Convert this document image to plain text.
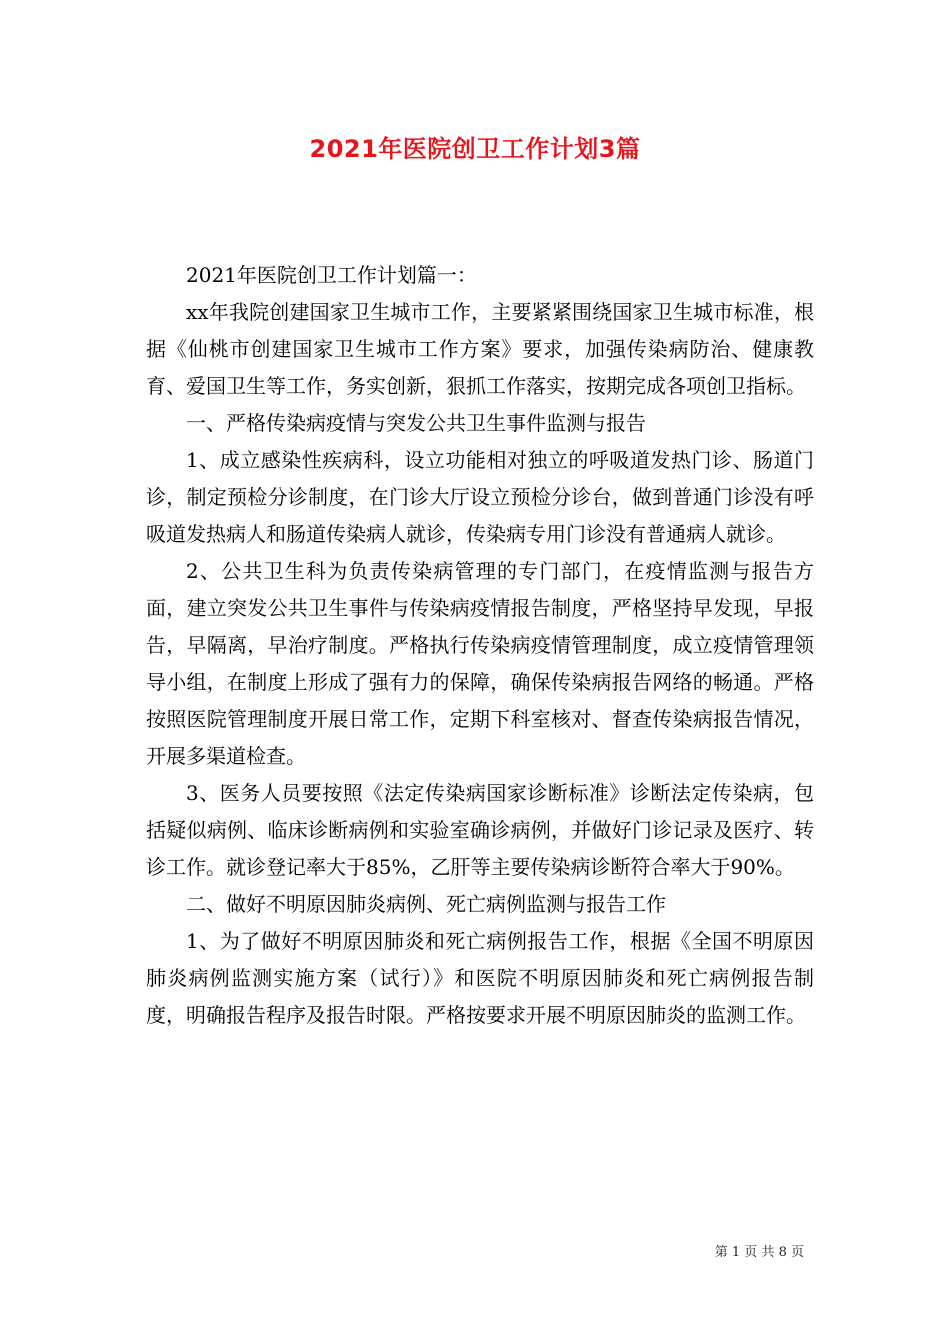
2021年医院创卫工作计划3篇

2021年医院创卫工作计划篇一：

xx年我院创建国家卫生城市工作，主要紧紧围绕国家卫生城市标准，根据《仙桃市创建国家卫生城市工作方案》要求，加强传染病防治、健康教育、爱国卫生等工作，务实创新，狠抓工作落实，按期完成各项创卫指标。

一、严格传染病疫情与突发公共卫生事件监测与报告

1、成立感染性疾病科，设立功能相对独立的呼吸道发热门诊、肠道门诊，制定预检分诊制度，在门诊大厅设立预检分诊台，做到普通门诊没有呼吸道发热病人和肠道传染病人就诊，传染病专用门诊没有普通病人就诊。

2、公共卫生科为负责传染病管理的专门部门，在疫情监测与报告方面，建立突发公共卫生事件与传染病疫情报告制度，严格坚持早发现，早报告，早隔离，早治疗制度。严格执行传染病疫情管理制度，成立疫情管理领导小组，在制度上形成了强有力的保障，确保传染病报告网络的畅通。严格按照医院管理制度开展日常工作，定期下科室核对、督查传染病报告情况，开展多渠道检查。

3、医务人员要按照《法定传染病国家诊断标准》诊断法定传染病，包括疑似病例、临床诊断病例和实验室确诊病例，并做好门诊记录及医疗、转诊工作。就诊登记率大于85%，乙肝等主要传染病诊断符合率大于90%。

二、做好不明原因肺炎病例、死亡病例监测与报告工作

1、为了做好不明原因肺炎和死亡病例报告工作，根据《全国不明原因肺炎病例监测实施方案（试行）》和医院不明原因肺炎和死亡病例报告制度，明确报告程序及报告时限。严格按要求开展不明原因肺炎的监测工作。

第 1 页 共 8 页
